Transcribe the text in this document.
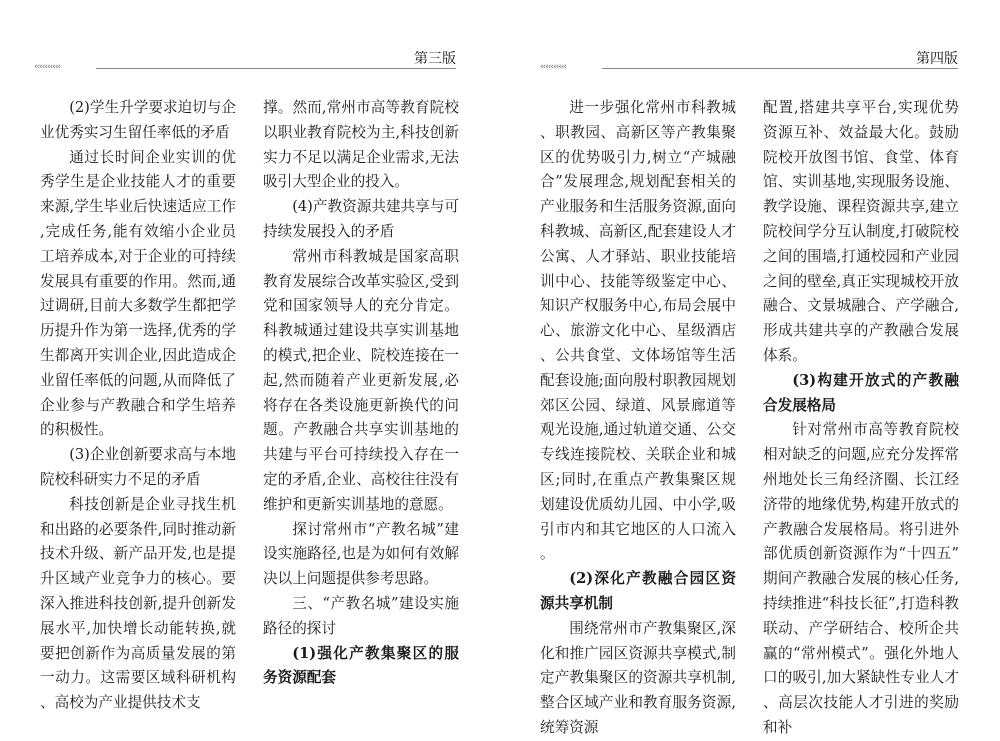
‹‹‹‹‹‹‹‹‹‹	第三版

(2)学生升学要求迫切与企业优秀实习生留任率低的矛盾

通过长时间企业实训的优秀学生是企业技能人才的重要来源,学生毕业后快速适应工作,完成任务,能有效缩小企业员工培养成本,对于企业的可持续发展具有重要的作用。然而,通过调研,目前大多数学生都把学历提升作为第一选择,优秀的学生都离开实训企业,因此造成企业留任率低的问题,从而降低了企业参与产教融合和学生培养的积极性。

(3)企业创新要求高与本地院校科研实力不足的矛盾

科技创新是企业寻找生机和出路的必要条件,同时推动新技术升级、新产品开发,也是提升区域产业竞争力的核心。要深入推进科技创新,提升创新发展水平,加快增长动能转换,就要把创新作为高质量发展的第一动力。这需要区域科研机构、高校为产业提供技术支

撑。然而,常州市高等教育院校以职业教育院校为主,科技创新实力不足以满足企业需求,无法吸引大型企业的投入。

(4)产教资源共建共享与可持续发展投入的矛盾

常州市科教城是国家高职教育发展综合改革实验区,受到党和国家领导人的充分肯定。科教城通过建设共享实训基地的模式,把企业、院校连接在一起,然而随着产业更新发展,必将存在各类设施更新换代的问题。产教融合共享实训基地的共建与平台可持续投入存在一定的矛盾,企业、高校往往没有维护和更新实训基地的意愿。

探讨常州市“产教名城”建设实施路径,也是为如何有效解决以上问题提供参考思路。

三、“产教名城”建设实施路径的探讨

(1)强化产教集聚区的服务资源配套

‹‹‹‹‹‹‹‹‹‹	第四版

进一步强化常州市科教城、职教园、高新区等产教集聚区的优势吸引力,树立“产城融合”发展理念,规划配套相关的产业服务和生活服务资源,面向科教城、高新区,配套建设人才公寓、人才驿站、职业技能培训中心、技能等级鉴定中心、知识产权服务中心,布局会展中心、旅游文化中心、星级酒店、公共食堂、文体场馆等生活配套设施;面向殷村职教园规划郊区公园、绿道、风景廊道等观光设施,通过轨道交通、公交专线连接院校、关联企业和城区;同时,在重点产教集聚区规划建设优质幼儿园、中小学,吸引市内和其它地区的人口流入。

(2)深化产教融合园区资源共享机制

围绕常州市产教集聚区,深化和推广园区资源共享模式,制定产教集聚区的资源共享机制,整合区域产业和教育服务资源,统筹资源

配置,搭建共享平台,实现优势资源互补、效益最大化。鼓励院校开放图书馆、食堂、体育馆、实训基地,实现服务设施、教学设施、课程资源共享,建立院校间学分互认制度,打破院校之间的围墙,打通校园和产业园之间的壁垒,真正实现城校开放融合、文景城融合、产学融合,形成共建共享的产教融合发展体系。

(3)构建开放式的产教融合发展格局

针对常州市高等教育院校相对缺乏的问题,应充分发挥常州地处长三角经济圈、长江经济带的地缘优势,构建开放式的产教融合发展格局。将引进外部优质创新资源作为“十四五”期间产教融合发展的核心任务,持续推进“科技长征”,打造科教联动、产学研结合、校所企共赢的“常州模式”。强化外地人口的吸引,加大紧缺性专业人才、高层次技能人才引进的奖励和补
